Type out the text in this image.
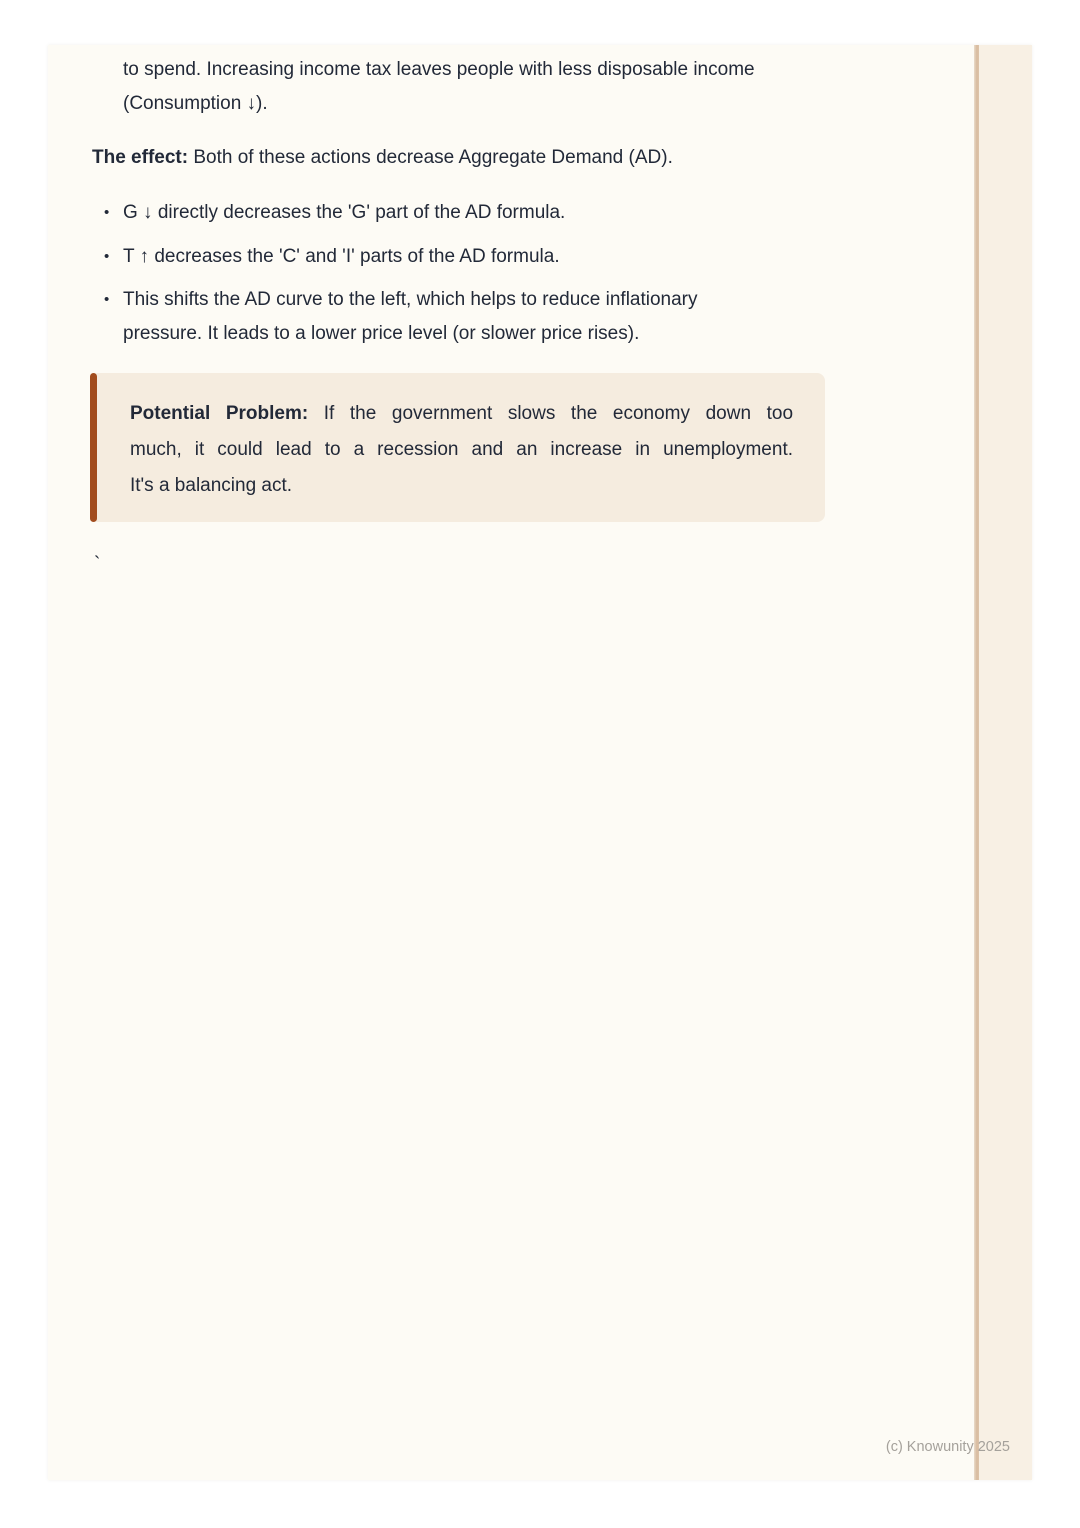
to spend. Increasing income tax leaves people with less disposable income
(Consumption ↓).
The effect: Both of these actions decrease Aggregate Demand (AD).
• G ↓ directly decreases the 'G' part of the AD formula.
• T ↑ decreases the 'C' and 'I' parts of the AD formula.
• This shifts the AD curve to the left, which helps to reduce inflationary
pressure. It leads to a lower price level (or slower price rises).
Potential Problem: If the government slows the economy down too
much, it could lead to a recession and an increase in unemployment.
It's a balancing act.
`
(c) Knowunity 2025
